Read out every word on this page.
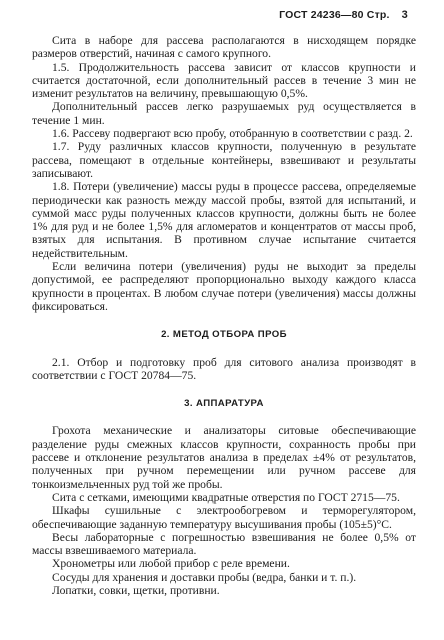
ГОСТ 24236—80 Стр. 3

Сита в наборе для рассева располагаются в нисходящем порядке размеров отверстий, начиная с самого крупного.

1.5. Продолжительность рассева зависит от классов крупности и считается достаточной, если дополнительный рассев в течение 3 мин не изменит результатов на величину, превышающую 0,5%.

Дополнительный рассев легко разрушаемых руд осуществляется в течение 1 мин.

1.6. Рассеву подвергают всю пробу, отобранную в соответствии с разд. 2.

1.7. Руду различных классов крупности, полученную в результате рассева, помещают в отдельные контейнеры, взвешивают и результаты записывают.

1.8. Потери (увеличение) массы руды в процессе рассева, определяемые периодически как разность между массой пробы, взятой для испытаний, и суммой масс руды полученных классов крупности, должны быть не более 1% для руд и не более 1,5% для агломератов и концентратов от массы проб, взятых для испытания. В противном случае испытание считается недействительным.

Если величина потери (увеличения) руды не выходит за пределы допустимой, ее распределяют пропорционально выходу каждого класса крупности в процентах. В любом случае потери (увеличения) массы должны фиксироваться.

2. МЕТОД ОТБОРА ПРОБ

2.1. Отбор и подготовку проб для ситового анализа производят в соответствии с ГОСТ 20784—75.

3. АППАРАТУРА

Грохота механические и анализаторы ситовые обеспечивающие разделение руды смежных классов крупности, сохранность пробы при рассеве и отклонение результатов анализа в пределах ±4% от результатов, полученных при ручном перемещении или ручном рассеве для тонкоизмельченных руд той же пробы.

Сита с сетками, имеющими квадратные отверстия по ГОСТ 2715—75.

Шкафы сушильные с электрообогревом и терморегулятором, обеспечивающие заданную температуру высушивания пробы (105±5)°С.

Весы лабораторные с погрешностью взвешивания не более 0,5% от массы взвешиваемого материала.

Хронометры или любой прибор с реле времени.

Сосуды для хранения и доставки пробы (ведра, банки и т. п.).

Лопатки, совки, щетки, противни.
